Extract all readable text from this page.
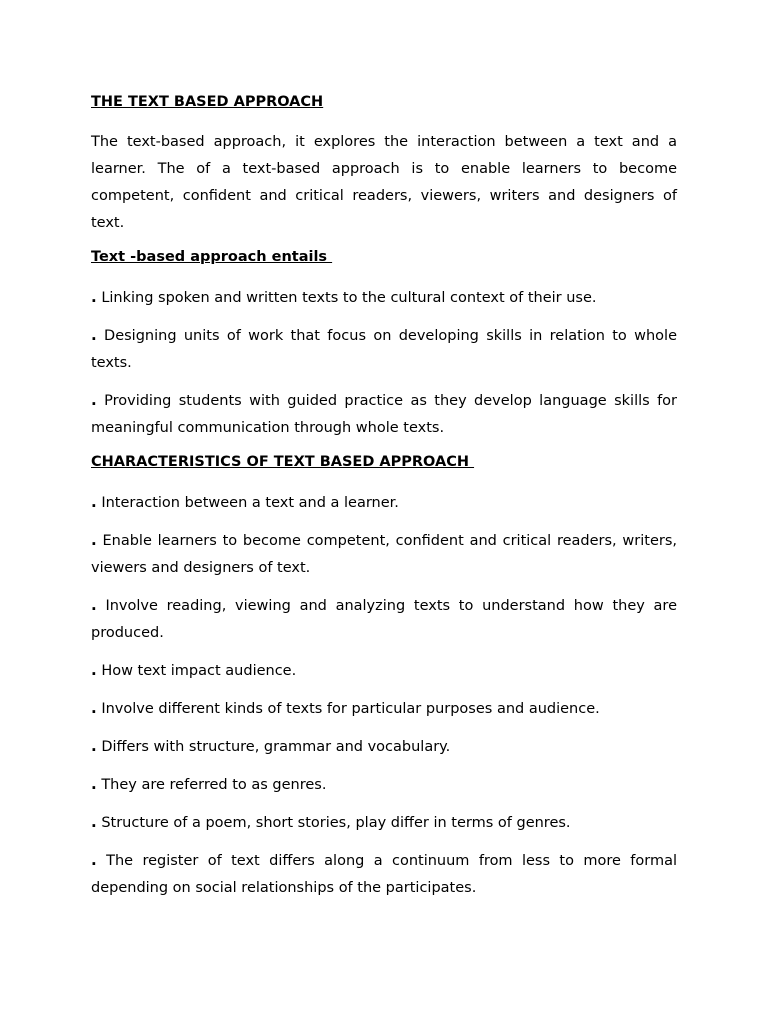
THE TEXT BASED APPROACH

The text-based approach, it explores the interaction between a text and a learner. The of a text-based approach is to enable learners to become competent, confident and critical readers, viewers, writers and designers of text.

Text -based approach entails

. Linking spoken and written texts to the cultural context of their use.

. Designing units of work that focus on developing skills in relation to whole texts.

. Providing students with guided practice as they develop language skills for meaningful communication through whole texts.

CHARACTERISTICS OF TEXT BASED APPROACH

. Interaction between a text and a learner.

. Enable learners to become competent, confident and critical readers, writers, viewers and designers of text.

. Involve reading, viewing and analyzing texts to understand how they are produced.

. How text impact audience.

. Involve different kinds of texts for particular purposes and audience.

. Differs with structure, grammar and vocabulary.

. They are referred to as genres.

. Structure of a poem, short stories, play differ in terms of genres.

. The register of text differs along a continuum from less to more formal depending on social relationships of the participates.
